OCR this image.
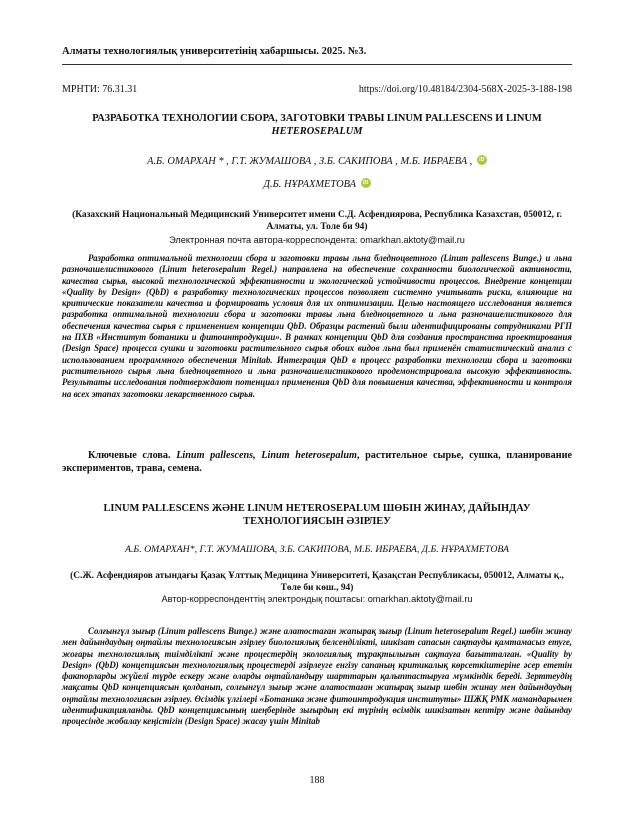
Алматы технологиялық университетінің хабаршысы. 2025. №3.
МРНТИ: 76.31.31	https://doi.org/10.48184/2304-568X-2025-3-188-198
РАЗРАБОТКА ТЕХНОЛОГИИ СБОРА, ЗАГОТОВКИ ТРАВЫ LINUM PALLESCENS И LINUM
HETEROSEPALUM
А.Б. ОМАРХАН * , Г.Т. ЖУМАШОВА , З.Б. САКИПОВА , М.Б. ИБРАЕВА , iD
Д.Б. НҰРАХМЕТОВА iD
(Казахский Национальный Медицинский Университет имени С.Д. Асфендиярова, Республика Казахстан, 050012, г. Алматы, ул. Толе би 94)
Электронная почта автора-корреспондента: omarkhan.aktoty@mail.ru
Разработка оптимальной технологии сбора и заготовки травы льна бледноцветного (Linum pallescens Bunge.) и льна разночашелистикового (Linum heterosepalum Regel.) направлена на обеспечение сохранности биологической активности, качества сырья, высокой технологической эффективности и экологической устойчивости процессов. Внедрение концепции «Quality by Design» (QbD) в разработку технологических процессов позволяет системно учитывать риски, влияющие на критические показатели качества и формировать условия для их оптимизации. Целью настоящего исследования является разработка оптимальной технологии сбора и заготовки травы льна бледноцветного и льна разночашелистикового для обеспечения качества сырья с применением концепции QbD. Образцы растений были идентифицированы сотрудниками РГП на ПХВ «Институт ботаники и фитоинтродукции». В рамках концепции QbD для создания пространства проектирования (Design Space) процесса сушки и заготовки растительного сырья обоих видов льна был применён статистический анализ с использованием программного обеспечения Minitab. Интеграция QbD в процесс разработки технологии сбора и заготовки растительного сырья льна бледноцветного и льна разночашелистикового продемонстрировала высокую эффективность. Результаты исследования подтверждают потенциал применения QbD для повышения качества, эффективности и контроля на всех этапах заготовки лекарственного сырья.
Ключевые слова. Linum pallescens, Linum heterosepalum, растительное сырье, сушка, планирование экспериментов, трава, семена.
LINUM PALLESCENS ЖӘНЕ LINUM HETEROSEPALUM ШӨБІН ЖИНАУ, ДАЙЫНДАУ
ТЕХНОЛОГИЯСЫН ӘЗІРЛЕУ
А.Б. ОМАРХАН*, Г.Т. ЖУМАШОВА, З.Б. САКИПОВА, М.Б. ИБРАЕВА, Д.Б. НҰРАХМЕТОВА
(С.Ж. Асфендияров атындағы Қазақ Ұлттық Медицина Университеті, Қазақстан Республикасы, 050012, Алматы қ., Төле би көш., 94)
Автор-корреспонденттің электрондық поштасы: omarkhan.aktoty@mail.ru
Солғынгүл зығыр (Linum pallescens Bunge.) және алатостаған жапырақ зығыр (Linum heterosepalum Regel.) шөбін жинау мен дайындаудың оңтайлы технологиясын әзірлеу биологиялық белсенділікті, шикізат сапасын сақтауды қамтамасыз етуге, жоғары технологиялық тиімділікті және процестердің экологиялық тұрақтылығын сақтауға бағытталған. «Quality by Design» (QbD) концепциясын технологиялық процестерді әзірлеуге енгізу сапаның критикалық көрсеткіштеріне әсер ететін факторларды жүйелі түрде ескеру және оларды оңтайландыру шарттарын қалыптастыруға мүмкіндік береді. Зерттеудің мақсаты QbD концепциясын қолданып, солғынгүл зығыр және алатостаған жапырақ зығыр шөбін жинау мен дайындаудың оңтайлы технологиясын әзірлеу. Өсімдік үлгілері «Ботаника және фитоинтродукция институты» ШЖҚ РМК мамандарымен идентификацияланды. QbD концепциясының шеңберінде зығырдың екі түрінің өсімдік шикізатын кептіру және дайындау процесінде жобалау кеңістігін (Design Space) жасау үшін Minitab
188
